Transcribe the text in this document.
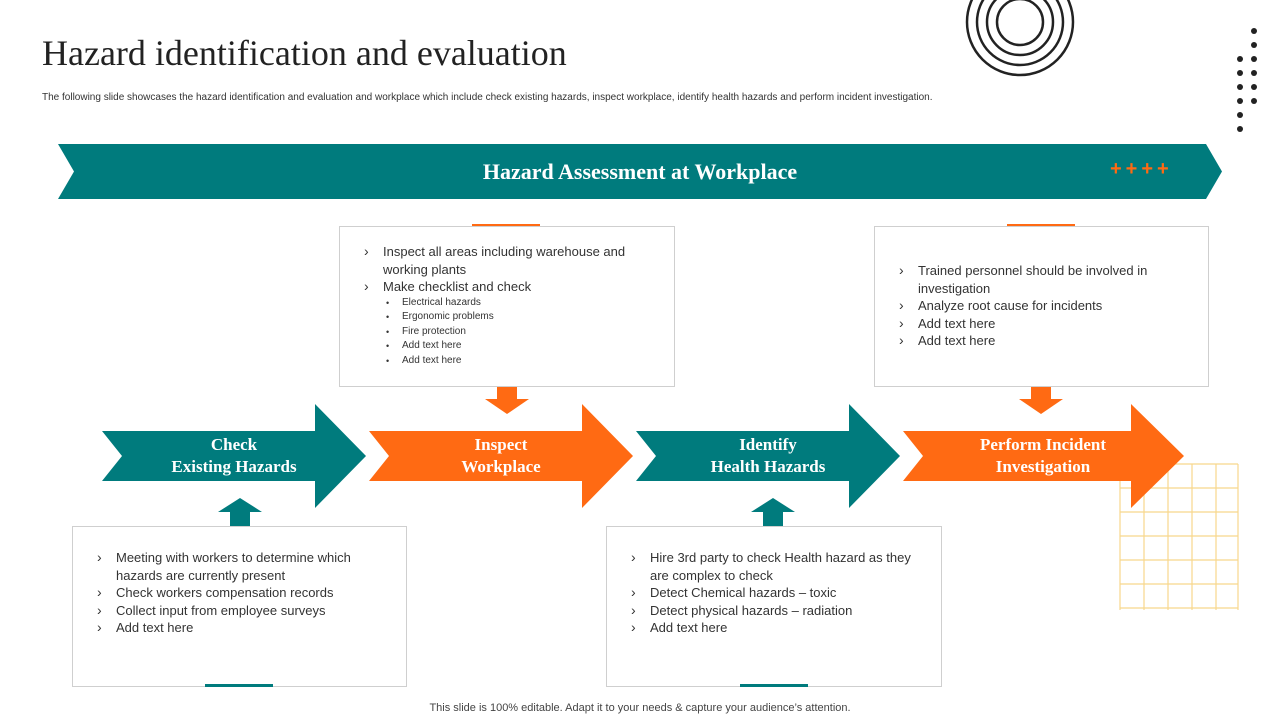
Hazard identification and evaluation
The following slide showcases the hazard identification and evaluation and workplace which include check existing hazards, inspect workplace, identify health hazards and perform incident investigation.
Hazard Assessment at Workplace	++++
Check
Existing Hazards
Inspect
Workplace
Identify
Health Hazards
Perform Incident
Investigation
› Inspect all areas including warehouse and working plants
› Make checklist and check
• Electrical hazards
• Ergonomic problems
• Fire protection
• Add text here
• Add text here
› Trained personnel should be involved in investigation
› Analyze root cause for incidents
› Add text here
› Add text here
› Meeting with workers to determine which hazards are currently present
› Check workers compensation records
› Collect input from employee surveys
› Add text here
› Hire 3rd party to check Health hazard as they are complex to check
› Detect Chemical hazards – toxic
› Detect physical hazards – radiation
› Add text here
This slide is 100% editable. Adapt it to your needs & capture your audience’s attention.
